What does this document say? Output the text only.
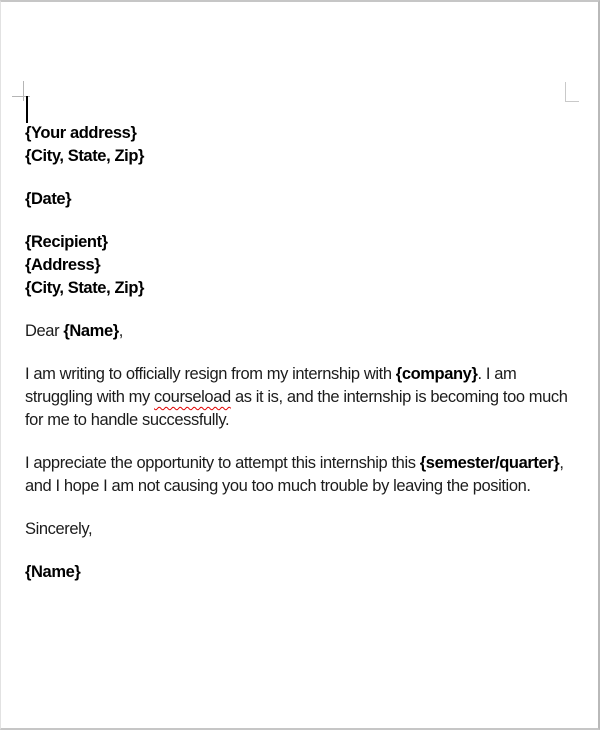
{Your address}
{City, State, Zip}
{Date}
{Recipient}
{Address}
{City, State, Zip}
Dear {Name},
I am writing to officially resign from my internship with {company}. I am
struggling with my courseload as it is, and the internship is becoming too much
for me to handle successfully.
I appreciate the opportunity to attempt this internship this {semester/quarter},
and I hope I am not causing you too much trouble by leaving the position.
Sincerely,
{Name}
